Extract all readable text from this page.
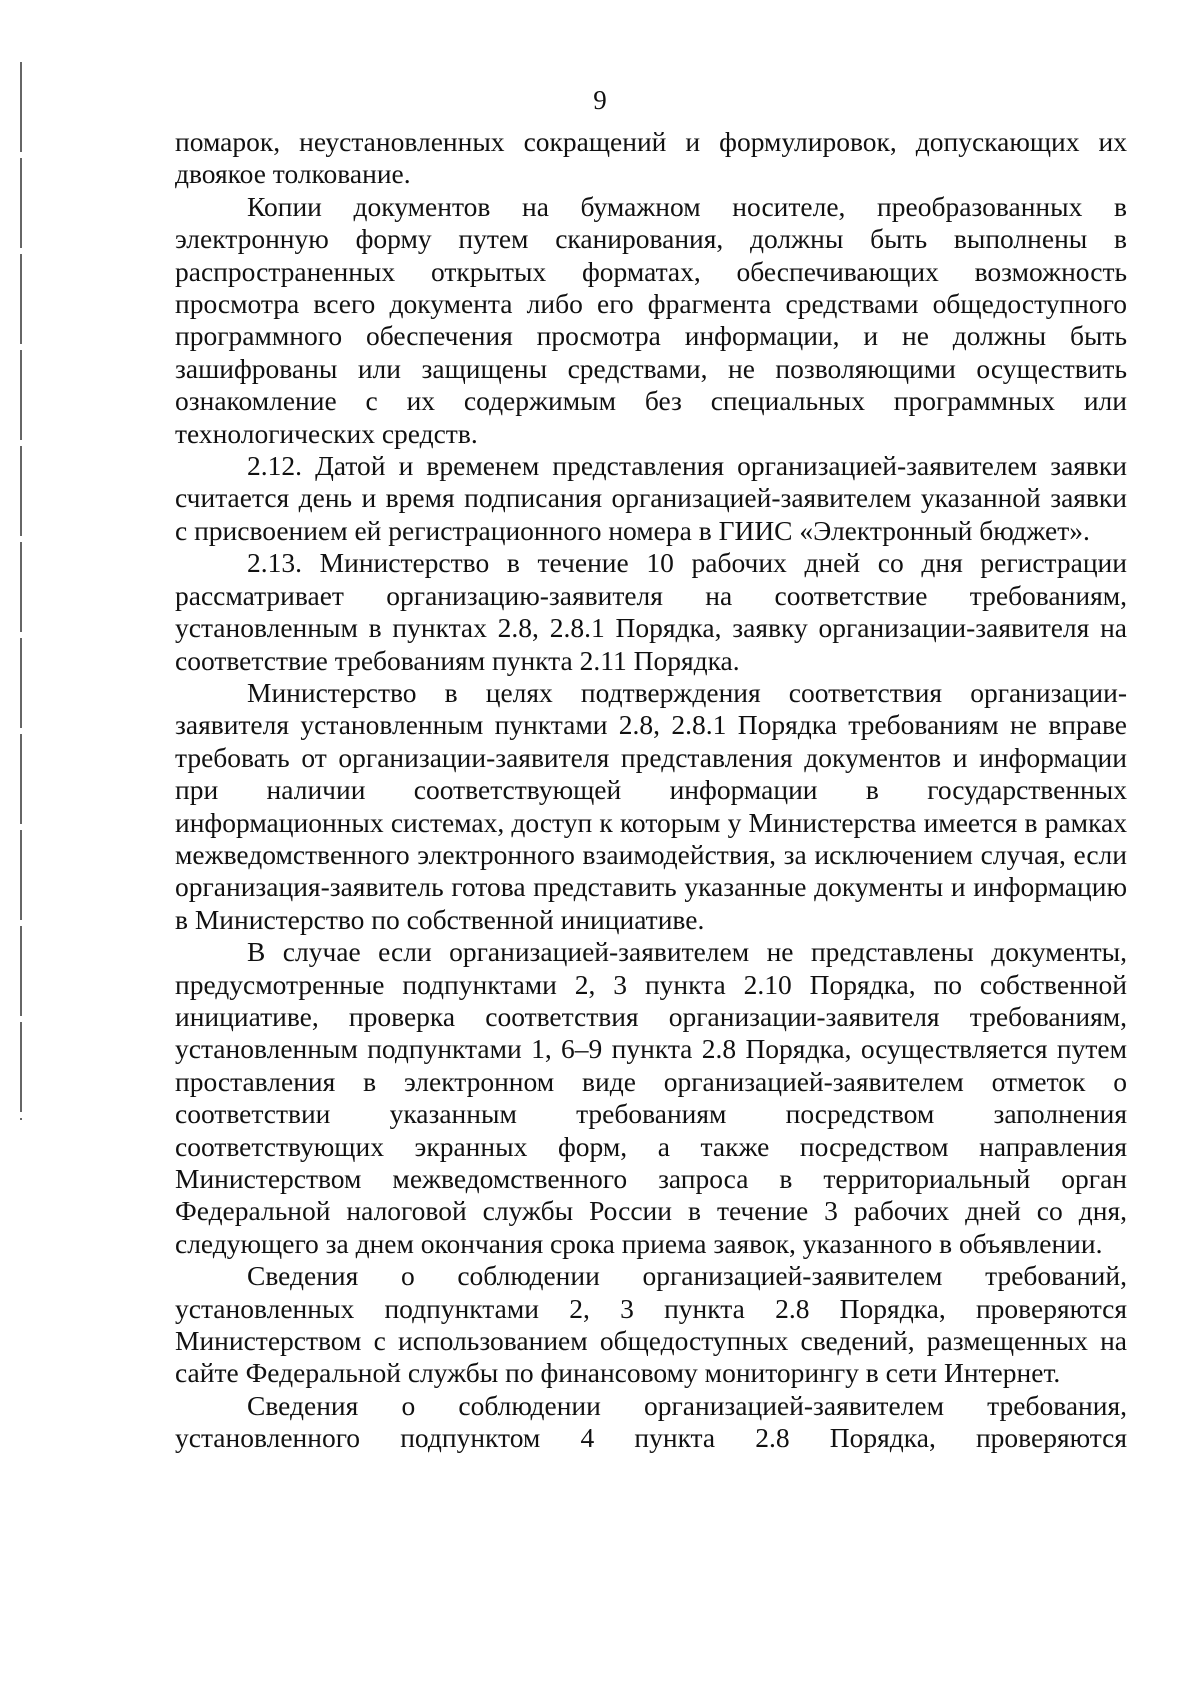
9

помарок, неустановленных сокращений и формулировок, допускающих их двоякое толкование.

Копии документов на бумажном носителе, преобразованных в электронную форму путем сканирования, должны быть выполнены в распространенных открытых форматах, обеспечивающих возможность просмотра всего документа либо его фрагмента средствами общедоступного программного обеспечения просмотра информации, и не должны быть зашифрованы или защищены средствами, не позволяющими осуществить ознакомление с их содержимым без специальных программных или технологических средств.

2.12. Датой и временем представления организацией-заявителем заявки считается день и время подписания организацией-заявителем указанной заявки с присвоением ей регистрационного номера в ГИИС «Электронный бюджет».

2.13. Министерство в течение 10 рабочих дней со дня регистрации рассматривает организацию-заявителя на соответствие требованиям, установленным в пунктах 2.8, 2.8.1 Порядка, заявку организации-заявителя на соответствие требованиям пункта 2.11 Порядка.

Министерство в целях подтверждения соответствия организации-заявителя установленным пунктами 2.8, 2.8.1 Порядка требованиям не вправе требовать от организации-заявителя представления документов и информации при наличии соответствующей информации в государственных информационных системах, доступ к которым у Министерства имеется в рамках межведомственного электронного взаимодействия, за исключением случая, если организация-заявитель готова представить указанные документы и информацию в Министерство по собственной инициативе.

В случае если организацией-заявителем не представлены документы, предусмотренные подпунктами 2, 3 пункта 2.10 Порядка, по собственной инициативе, проверка соответствия организации-заявителя требованиям, установленным подпунктами 1, 6–9 пункта 2.8 Порядка, осуществляется путем проставления в электронном виде организацией-заявителем отметок о соответствии указанным требованиям посредством заполнения соответствующих экранных форм, а также посредством направления Министерством межведомственного запроса в территориальный орган Федеральной налоговой службы России в течение 3 рабочих дней со дня, следующего за днем окончания срока приема заявок, указанного в объявлении.

Сведения о соблюдении организацией-заявителем требований, установленных подпунктами 2, 3 пункта 2.8 Порядка, проверяются Министерством с использованием общедоступных сведений, размещенных на сайте Федеральной службы по финансовому мониторингу в сети Интернет.

Сведения о соблюдении организацией-заявителем требования, установленного подпунктом 4 пункта 2.8 Порядка, проверяются
